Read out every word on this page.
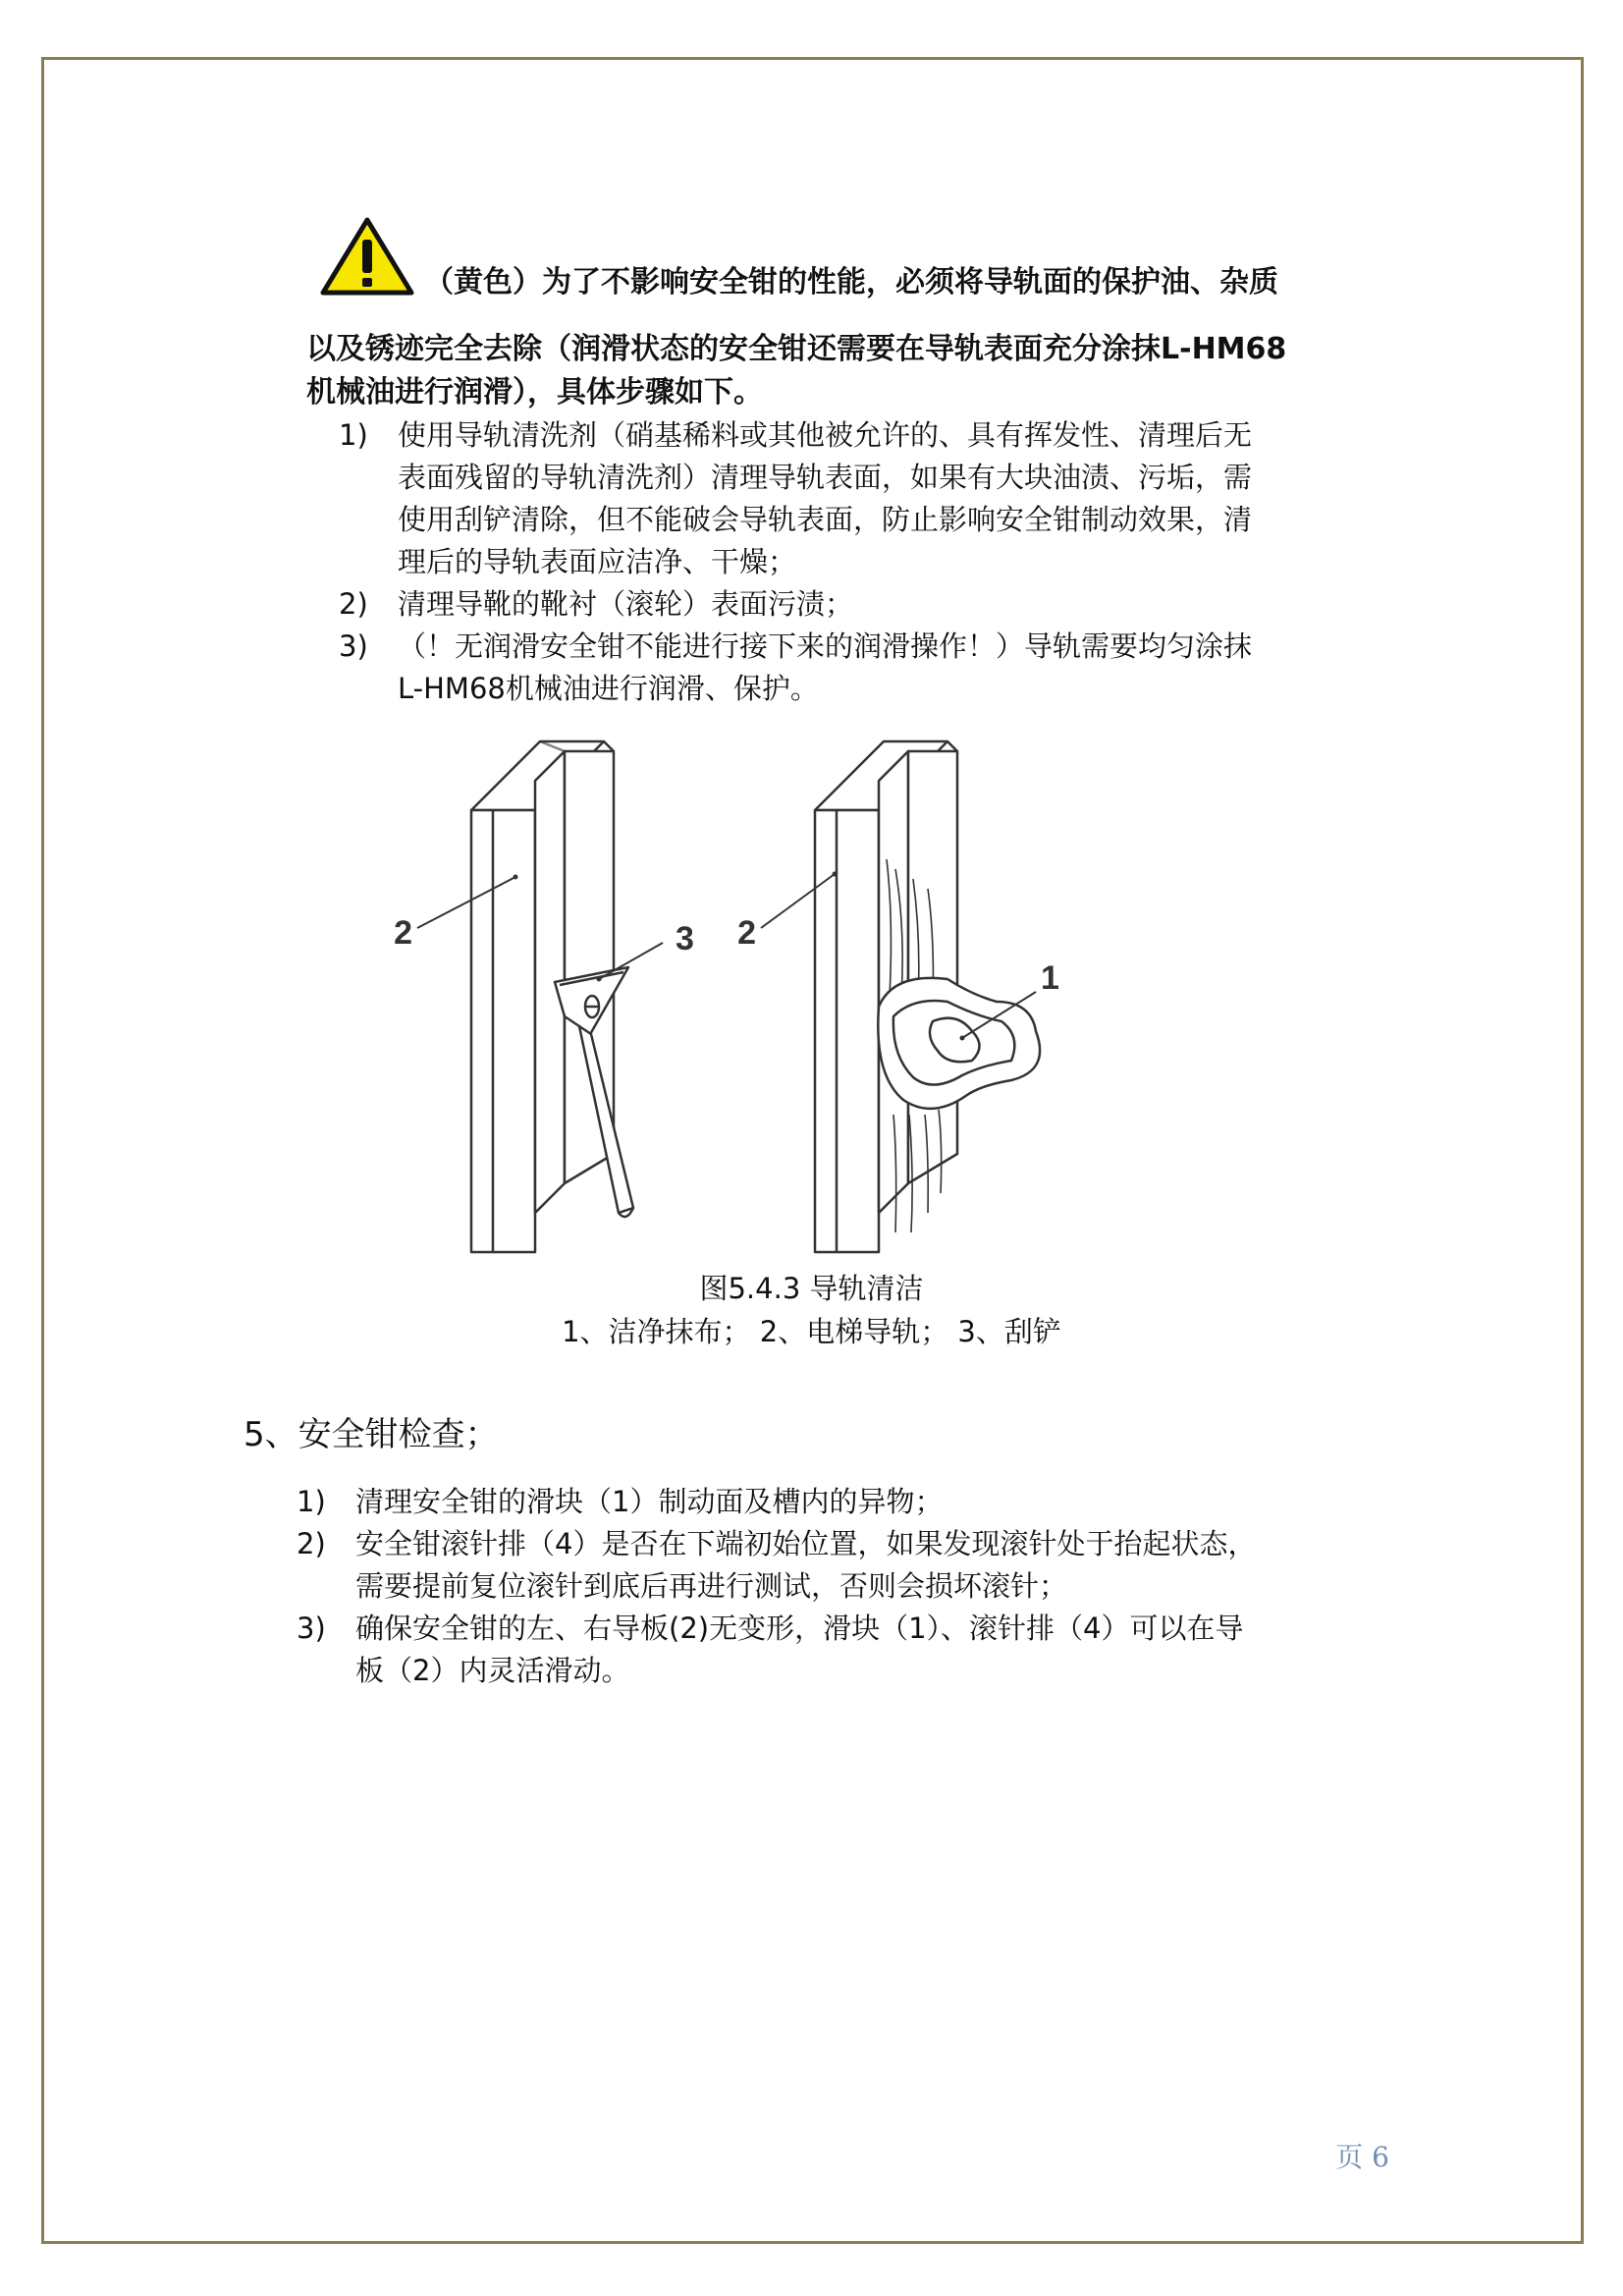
（黄色）为了不影响安全钳的性能，必须将导轨面的保护油、杂质
以及锈迹完全去除（润滑状态的安全钳还需要在导轨表面充分涂抹L-HM68
机械油进行润滑），具体步骤如下。
1)	使用导轨清洗剂（硝基稀料或其他被允许的、具有挥发性、清理后无
表面残留的导轨清洗剂）清理导轨表面，如果有大块油渍、污垢，需
使用刮铲清除，但不能破会导轨表面，防止影响安全钳制动效果，清
理后的导轨表面应洁净、干燥；
2)	清理导靴的靴衬（滚轮）表面污渍；
3)	（！无润滑安全钳不能进行接下来的润滑操作！）导轨需要均匀涂抹
L-HM68机械油进行润滑、保护。
2	3 2
1
图5.4.3 导轨清洁
1、洁净抹布； 2、电梯导轨； 3、刮铲
5、安全钳检查；
1)	清理安全钳的滑块（1）制动面及槽内的异物；
2)	安全钳滚针排（4）是否在下端初始位置，如果发现滚针处于抬起状态，
需要提前复位滚针到底后再进行测试，否则会损坏滚针；
3)	确保安全钳的左、右导板(2)无变形，滑块（1）、滚针排（4）可以在导
板（2）内灵活滑动。
页 6
